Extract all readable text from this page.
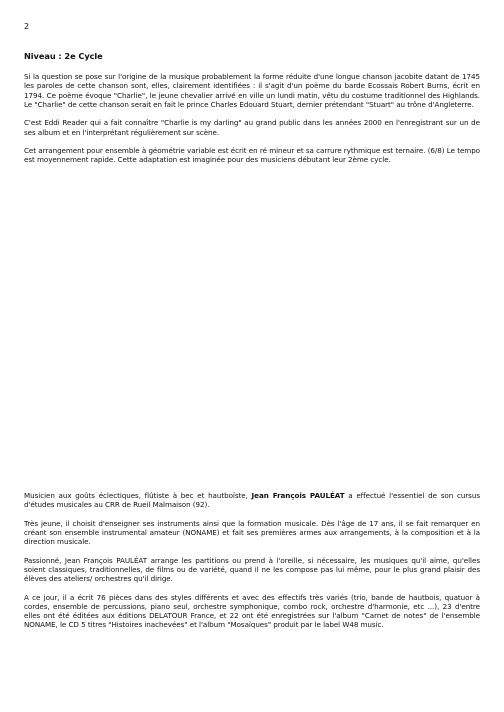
2
Niveau : 2e Cycle

Si la question se pose sur l'origine de la musique probablement la forme réduite d'une longue chanson jacobite datant de 1745 les paroles de cette chanson sont, elles, clairement identifiées : il s'agit d'un poème du barde Ecossais Robert Burns, écrit en 1794. Ce poème évoque "Charlie", le jeune chevalier arrivé en ville un lundi matin, vêtu du costume traditionnel des Highlands. Le "Charlie" de cette chanson serait en fait le prince Charles Edouard Stuart, dernier prétendant "Stuart" au trône d'Angleterre.

C'est Eddi Reader qui a fait connaître "Charlie is my darling" au grand public dans les années 2000 en l'enregistrant sur un de ses album et en l'interprétant régulièrement sur scène.

Cet arrangement pour ensemble à géométrie variable est écrit en ré mineur et sa carrure rythmique est ternaire. (6/8) Le tempo est moyennement rapide. Cette adaptation est imaginée pour des musiciens débutant leur 2ème cycle.

Musicien aux goûts éclectiques, flûtiste à bec et hautboïste, Jean François PAULÉAT a effectué l'essentiel de son cursus d'études musicales au CRR de Rueil Malmaison (92).

Très jeune, il choisit d'enseigner ses instruments ainsi que la formation musicale. Dès l'âge de 17 ans, il se fait remarquer en créant son ensemble instrumental amateur (NONAME) et fait ses premières armes aux arrangements, à la composition et à la direction musicale.

Passionné, Jean François PAULÉAT arrange les partitions ou prend à l'oreille, si nécessaire, les musiques qu'il aime, qu'elles soient classiques, traditionnelles, de films ou de variété, quand il ne les compose pas lui même, pour le plus grand plaisir des élèves des ateliers/ orchestres qu'il dirige.

A ce jour, il a écrit 76 pièces dans des styles différents et avec des effectifs très variés (trio, bande de hautbois, quatuor à cordes, ensemble de percussions, piano seul, orchestre symphonique, combo rock, orchestre d'harmonie, etc ...), 23 d'entre elles ont été éditées aux éditions DELATOUR France, et 22 ont été enregistrées sur l'album "Carnet de notes" de l'ensemble NONAME, le CD 5 titres "Histoires inachevées" et l'album "Mosaïques" produit par le label W48 music.
